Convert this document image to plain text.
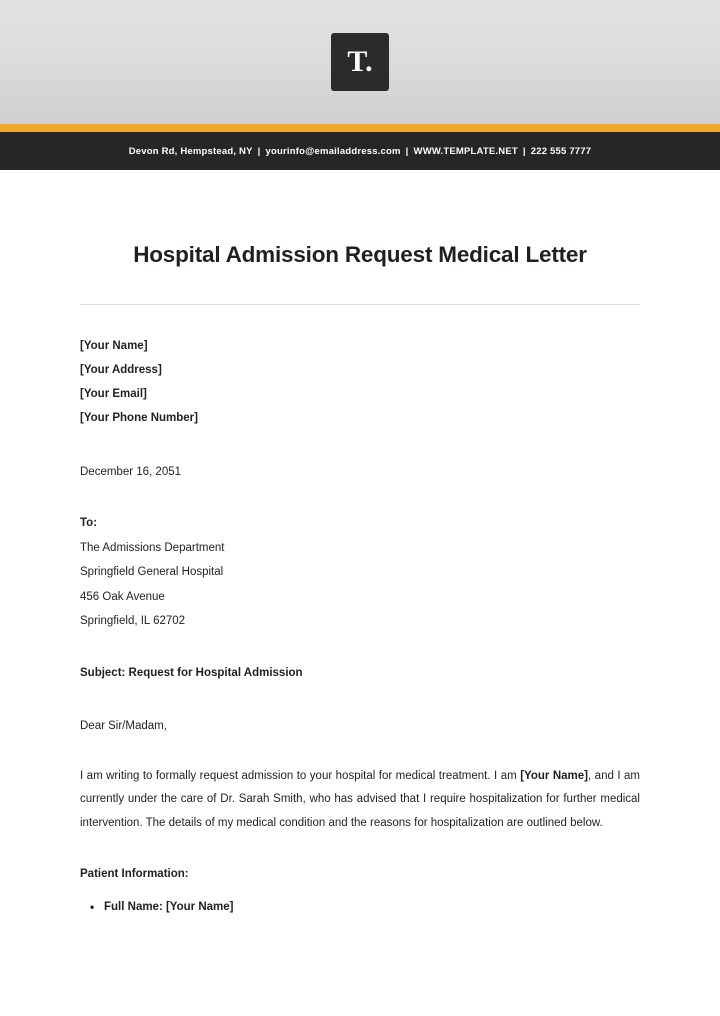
T.
Devon Rd, Hempstead, NY | yourinfo@emailaddress.com | WWW.TEMPLATE.NET | 222 555 7777
Hospital Admission Request Medical Letter
[Your Name]
[Your Address]
[Your Email]
[Your Phone Number]
December 16, 2051
To:
The Admissions Department
Springfield General Hospital
456 Oak Avenue
Springfield, IL 62702
Subject: Request for Hospital Admission
Dear Sir/Madam,

I am writing to formally request admission to your hospital for medical treatment. I am [Your Name], and I am currently under the care of Dr. Sarah Smith, who has advised that I require hospitalization for further medical intervention. The details of my medical condition and the reasons for hospitalization are outlined below.

Patient Information:
• Full Name: [Your Name]
